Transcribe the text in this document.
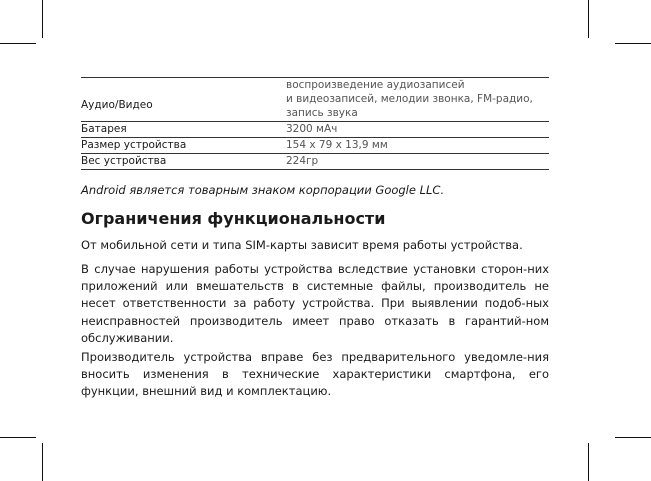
Аудио/Видео	воспроизведение аудиозаписей
и видеозаписей, мелодии звонка, FM-радио,
запись звука

Батарея	3200 мАч
Размер устройства	154 х 79 х 13,9 мм
Вес устройства	224гр
Android является товарным знаком корпорации Google LLC.
Ограничения функциональности
От мобильной сети и типа SIM-карты зависит время работы устройства.
В случае нарушения работы устройства вследствие установки сторон-них приложений или вмешательств в системные файлы, производитель не несет ответственности за работу устройства. При выявлении подоб-ных неисправностей производитель имеет право отказать в гарантий-ном обслуживании.
Производитель устройства вправе без предварительного уведомле-ния вносить изменения в технические характеристики смартфона, его функции, внешний вид и комплектацию.
